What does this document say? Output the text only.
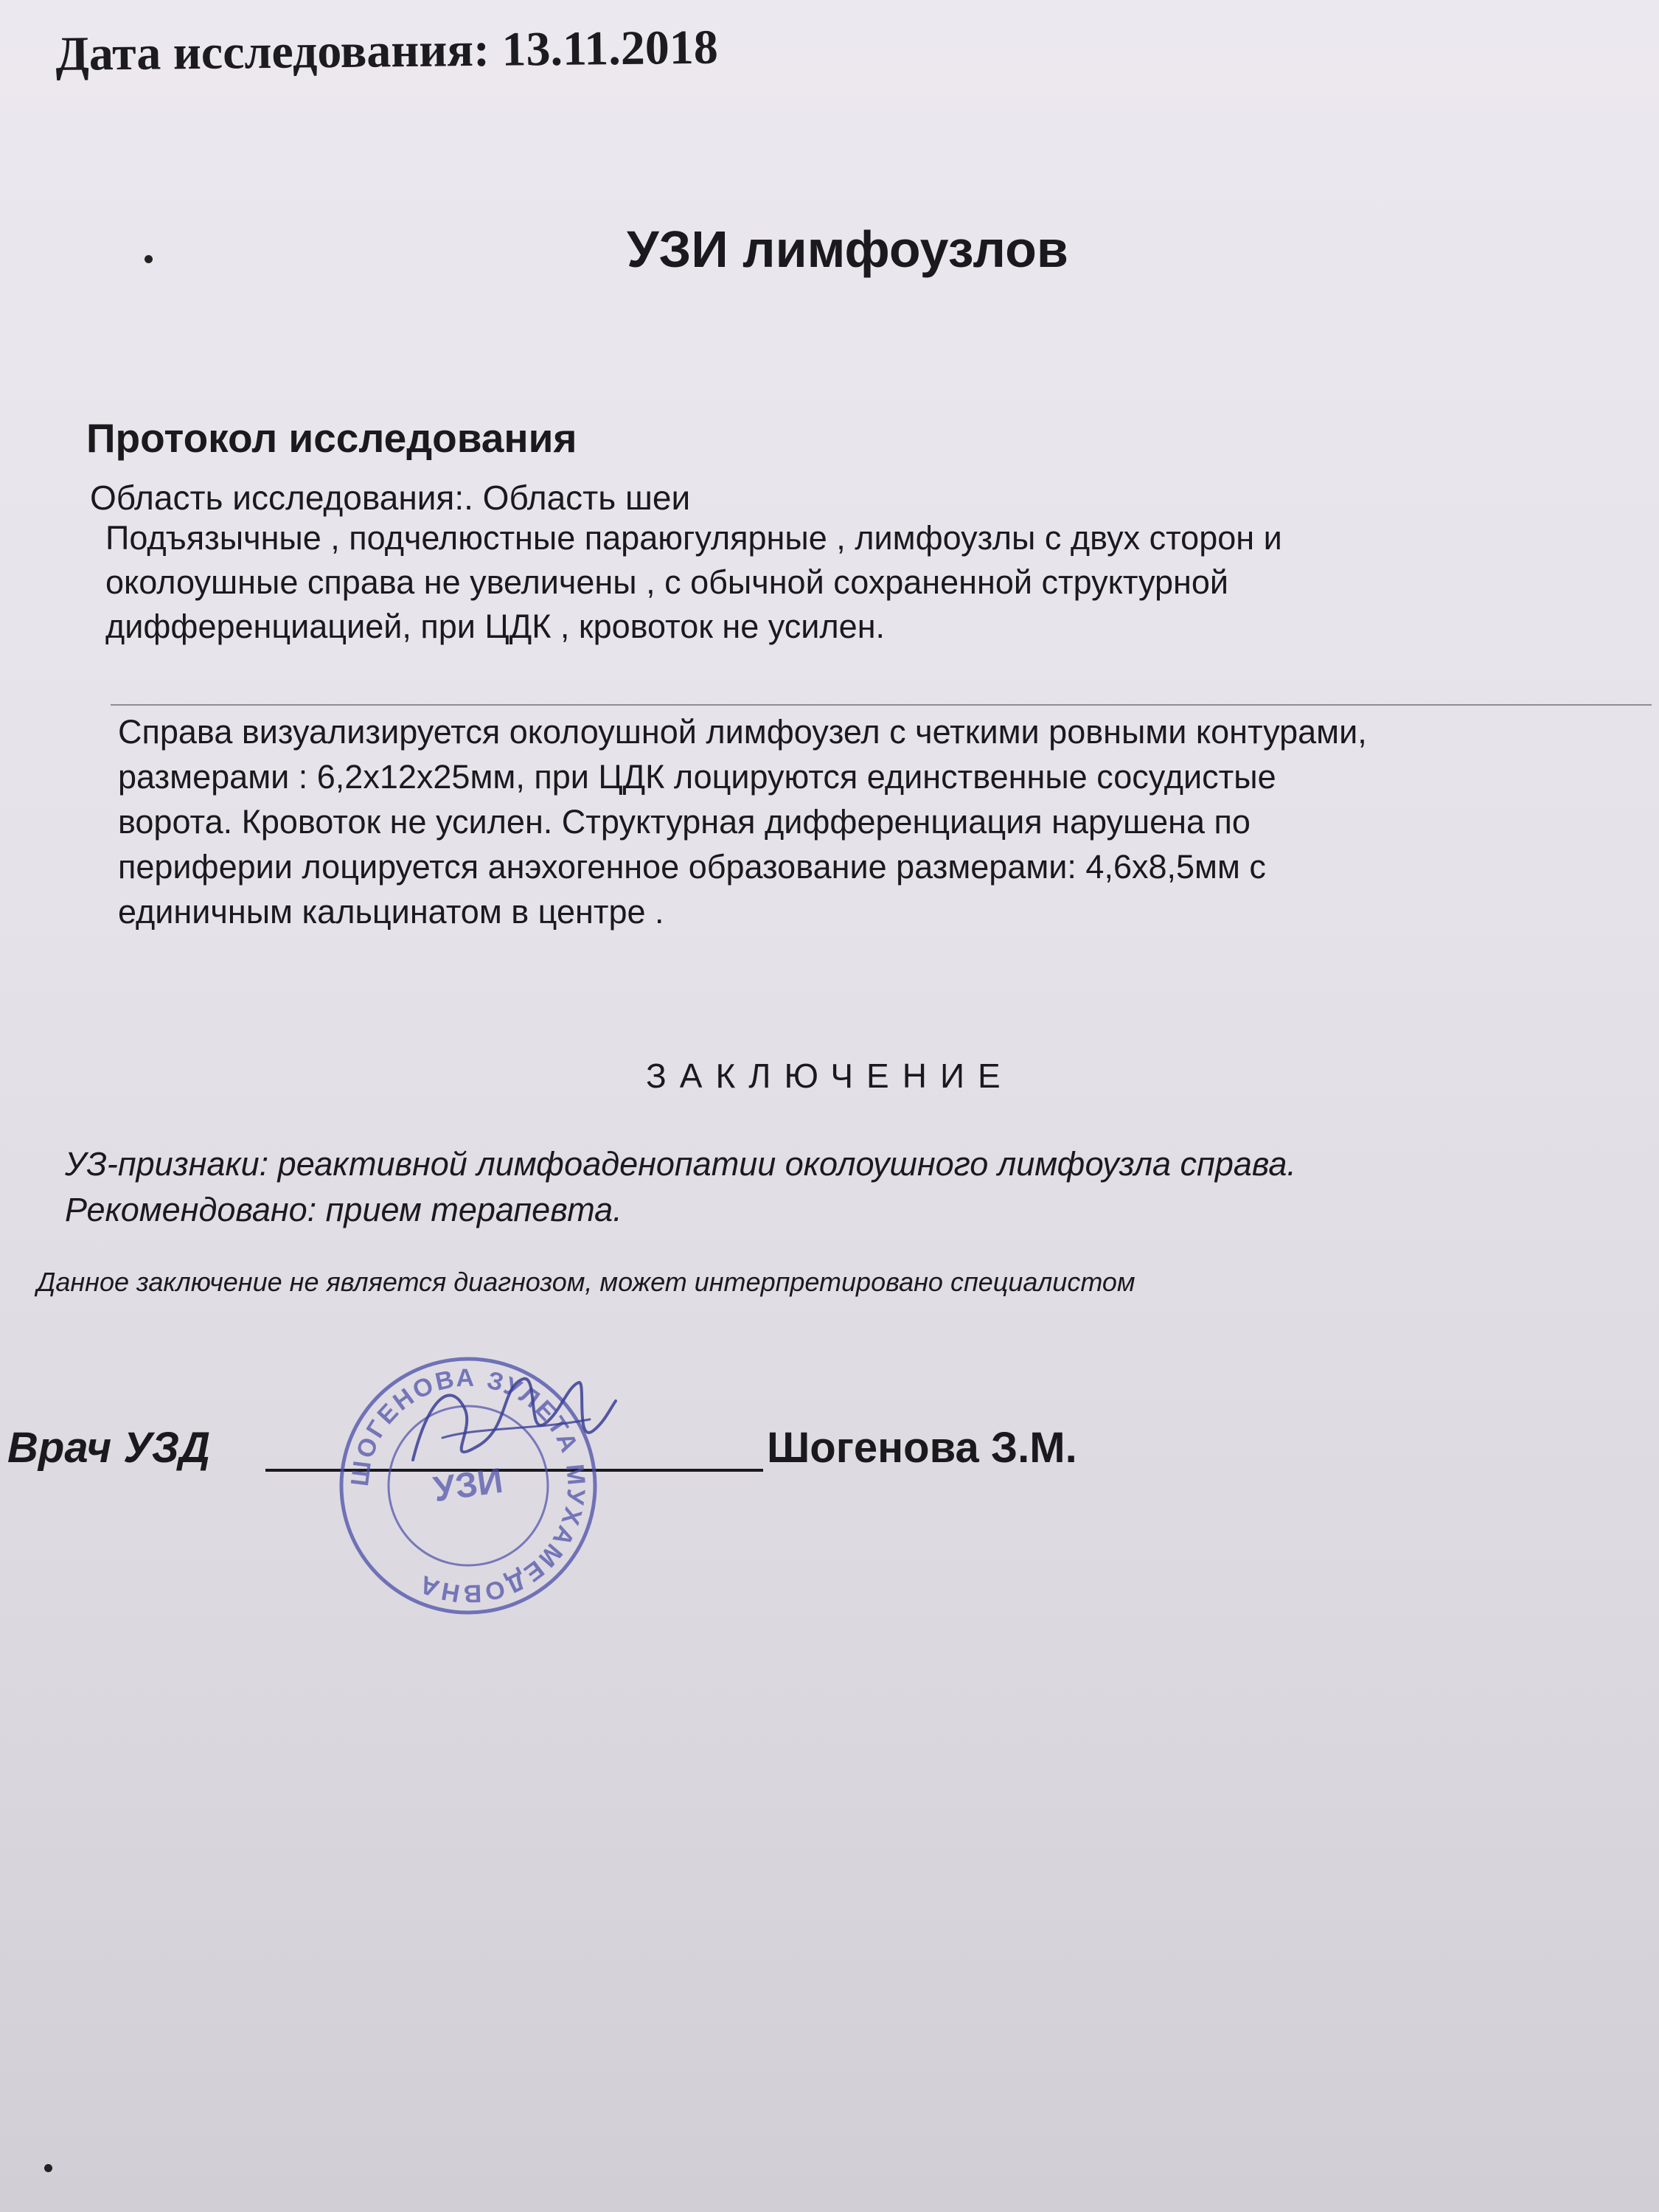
Дата исследования: 13.11.2018
УЗИ лимфоузлов
Протокол исследования
Область исследования:. Область шеи
Подъязычные , подчелюстные параюгулярные , лимфоузлы с двух сторон и
околоушные справа не увеличены , с обычной сохраненной структурной
дифференциацией, при ЦДК , кровоток не усилен.
Справа визуализируется околоушной лимфоузел с четкими ровными контурами,
размерами : 6,2х12х25мм, при ЦДК лоцируются единственные сосудистые
ворота. Кровоток не усилен. Структурная дифференциация нарушена по
периферии лоцируется анэхогенное образование размерами: 4,6х8,5мм с
единичным кальцинатом в центре .
ЗАКЛЮЧЕНИЕ
УЗ-признаки: реактивной лимфоаденопатии околоушного лимфоузла справа.
Рекомендовано: прием терапевта.
Данное заключение не является диагнозом, может интерпретировано специалистом
Врач УЗД	Шогенова З.М.
ШОГЕНОВА ЗУЛЕТА МУХАМЕДОВНА
УЗИ
